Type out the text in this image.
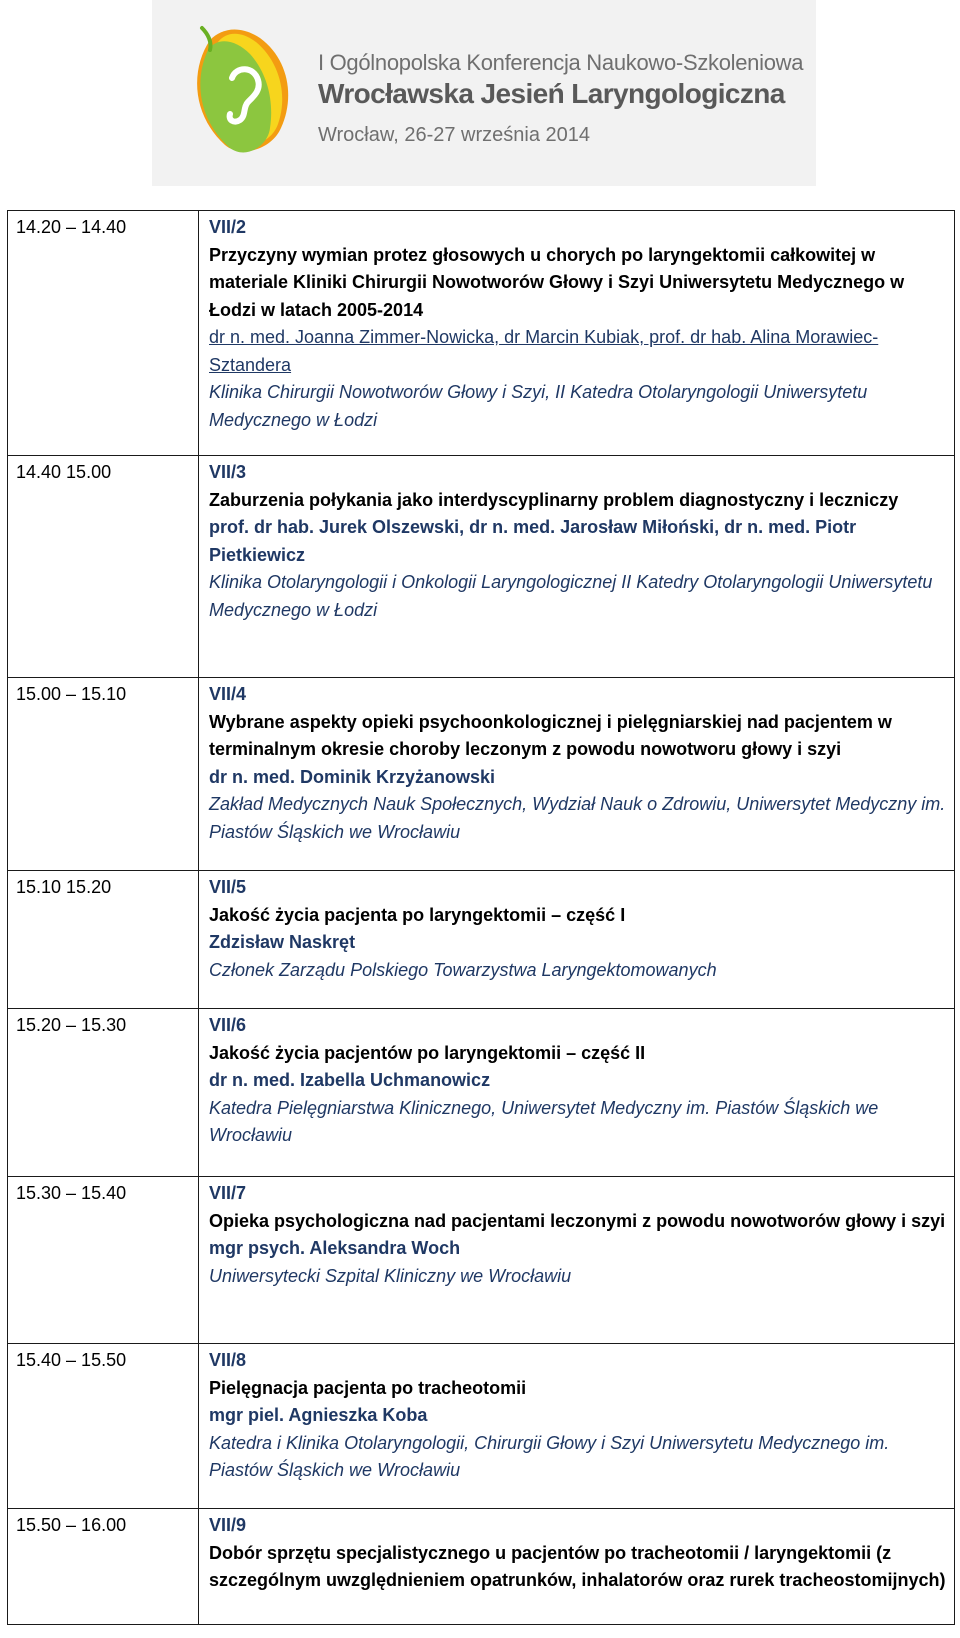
I Ogólnopolska Konferencja Naukowo-Szkoleniowa
Wrocławska Jesień Laryngologiczna
Wrocław, 26-27 września 2014
14.20 – 14.40	VII/2
Przyczyny wymian protez głosowych u chorych po laryngektomii całkowitej w materiale Kliniki Chirurgii Nowotworów Głowy i Szyi Uniwersytetu Medycznego w Łodzi w latach 2005-2014
dr n. med. Joanna Zimmer-Nowicka, dr Marcin Kubiak, prof. dr hab. Alina Morawiec-Sztandera
Klinika Chirurgii Nowotworów Głowy i Szyi, II Katedra Otolaryngologii Uniwersytetu Medycznego w Łodzi

14.40 15.00	VII/3
Zaburzenia połykania jako interdyscyplinarny problem diagnostyczny i leczniczy
prof. dr hab. Jurek Olszewski, dr n. med. Jarosław Miłoński, dr n. med. Piotr Pietkiewicz
Klinika Otolaryngologii i Onkologii Laryngologicznej II Katedry Otolaryngologii Uniwersytetu Medycznego w Łodzi

15.00 – 15.10	VII/4
Wybrane aspekty opieki psychoonkologicznej i pielęgniarskiej nad pacjentem w terminalnym okresie choroby leczonym z powodu nowotworu głowy i szyi
dr n. med. Dominik Krzyżanowski
Zakład Medycznych Nauk Społecznych, Wydział Nauk o Zdrowiu, Uniwersytet Medyczny im. Piastów Śląskich we Wrocławiu

15.10 15.20	VII/5
Jakość życia pacjenta po laryngektomii – część I
Zdzisław Naskręt
Członek Zarządu Polskiego Towarzystwa Laryngektomowanych

15.20 – 15.30	VII/6
Jakość życia pacjentów po laryngektomii – część II
dr n. med. Izabella Uchmanowicz
Katedra Pielęgniarstwa Klinicznego, Uniwersytet Medyczny im. Piastów Śląskich we Wrocławiu

15.30 – 15.40	VII/7
Opieka psychologiczna nad pacjentami leczonymi z powodu nowotworów głowy i szyi
mgr psych. Aleksandra Woch
Uniwersytecki Szpital Kliniczny we Wrocławiu

15.40 – 15.50	VII/8
Pielęgnacja pacjenta po tracheotomii
mgr piel. Agnieszka Koba
Katedra i Klinika Otolaryngologii, Chirurgii Głowy i Szyi Uniwersytetu Medycznego im. Piastów Śląskich we Wrocławiu

15.50 – 16.00	VII/9
Dobór sprzętu specjalistycznego u pacjentów po tracheotomii / laryngektomii (z szczególnym uwzględnieniem opatrunków, inhalatorów oraz rurek tracheostomijnych)
